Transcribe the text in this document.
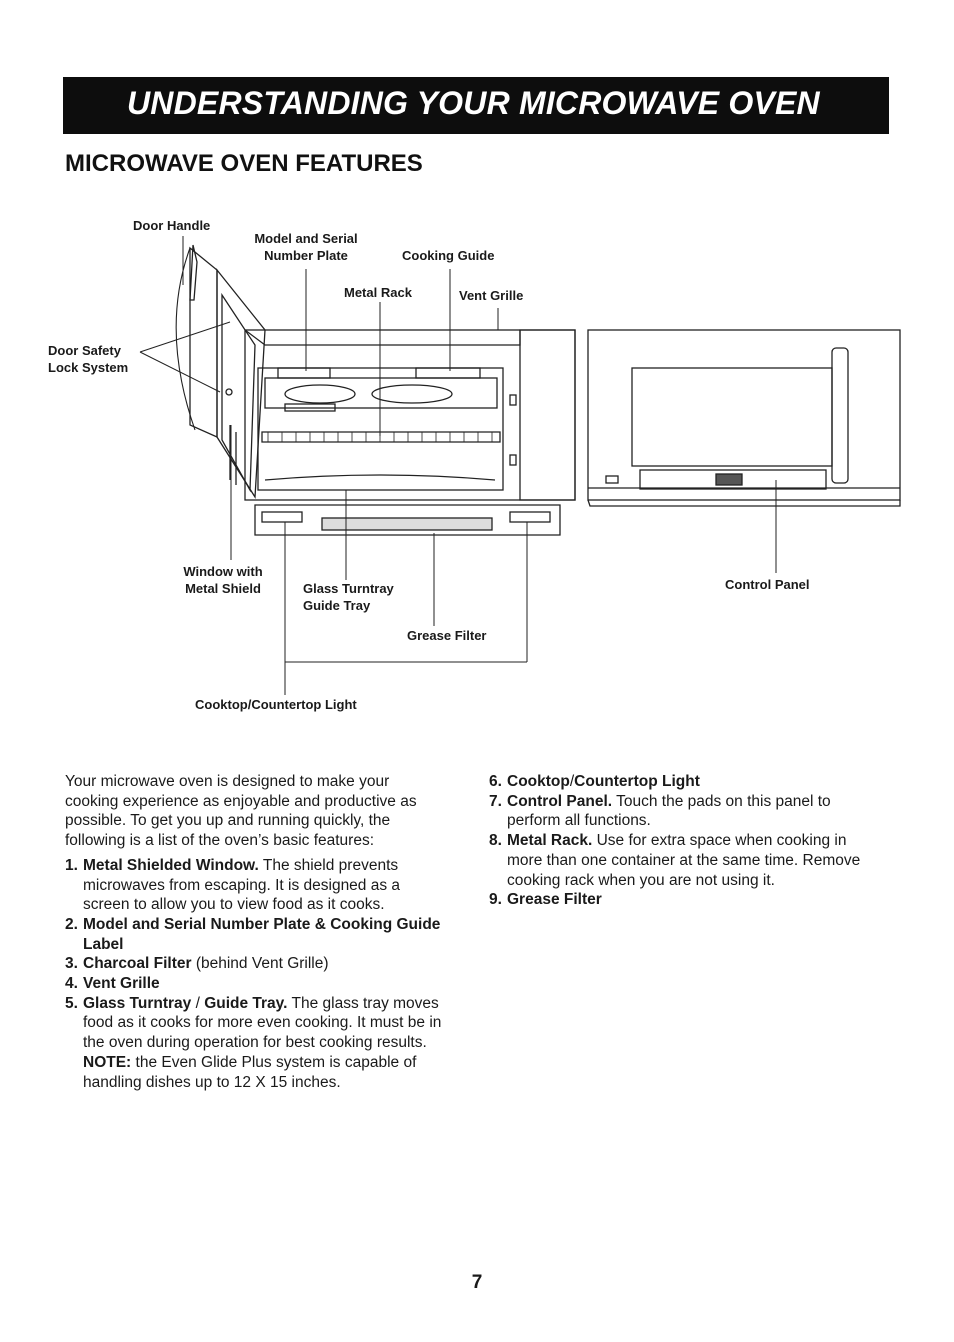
UNDERSTANDING YOUR MICROWAVE OVEN
MICROWAVE OVEN FEATURES
Door Handle
Model and Serial
Number Plate	Cooking Guide
Metal Rack	Vent Grille
Door Safety
Lock System
Window with
Metal Shield	Glass Turntray
Guide Tray
Grease Filter
Control Panel
Cooktop/Countertop Light

Your microwave oven is designed to make your cooking experience as enjoyable and productive as possible. To get you up and running quickly, the following is a list of the oven’s basic features:

1. Metal Shielded Window. The shield prevents microwaves from escaping. It is designed as a screen to allow you to view food as it cooks.
2. Model and Serial Number Plate & Cooking Guide Label
3. Charcoal Filter (behind Vent Grille)
4. Vent Grille
5. Glass Turntray / Guide Tray. The glass tray moves food as it cooks for more even cooking. It must be in the oven during operation for best cooking results.
NOTE: the Even Glide Plus system is capable of handling dishes up to 12 X 15 inches.
6. Cooktop/Countertop Light
7. Control Panel. Touch the pads on this panel to perform all functions.
8. Metal Rack. Use for extra space when cooking in more than one container at the same time. Remove cooking rack when you are not using it.
9. Grease Filter
7
